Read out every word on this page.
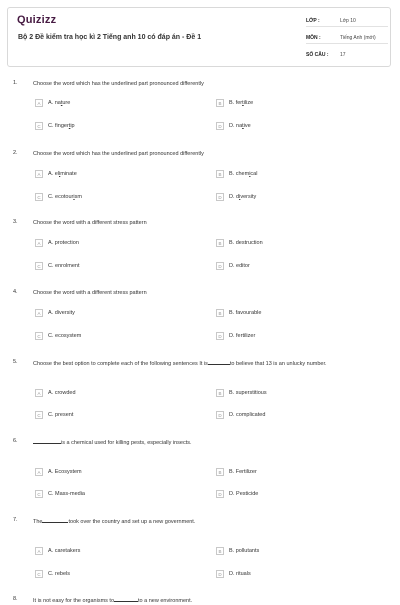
Quizizz
Bộ 2 Đề kiểm tra học kì 2 Tiếng anh 10 có đáp án - Đề 1
LỚP :	Lớp 10
MÔN :	Tiếng Anh (mới)
SỐ CÂU : 17
1.	Choose the word which has the underlined part pronounced differently
A	A. nature	B	B. fertilize
C	C. fingertip	D	D. native
2.	Choose the word which has the underlined part pronounced differently
A	A. eliminate	B	B. chemical
C	C. ecotourism	D	D. diversity
3.	Choose the word with a different stress pattern
A	A. protection	B	B. destruction
C	C. enrolment	D	D. editor
4.	Choose the word with a different stress pattern
A	A. diversity	B	B. favourable
C	C. ecosystem	D	D. fertilizer
5.	Choose the best option to complete each of the following sentences It is	to believe that 13 is an unlucky number.
A	A. crowded	B	B. superstitious
C	C. present	D	D. complicated
6.	is a chemical used for killing pests, especially insects.
A	A. Ecosystem	B	B. Fertilizer
C	C. Mass-media	D	D. Pesticide
7.	The	took over the country and set up a new government.
A	A. caretakers	B	B. pollutants
C	C. rebels	D	D. rituals
8.	It is not easy for the organisms to	to a new environment.
